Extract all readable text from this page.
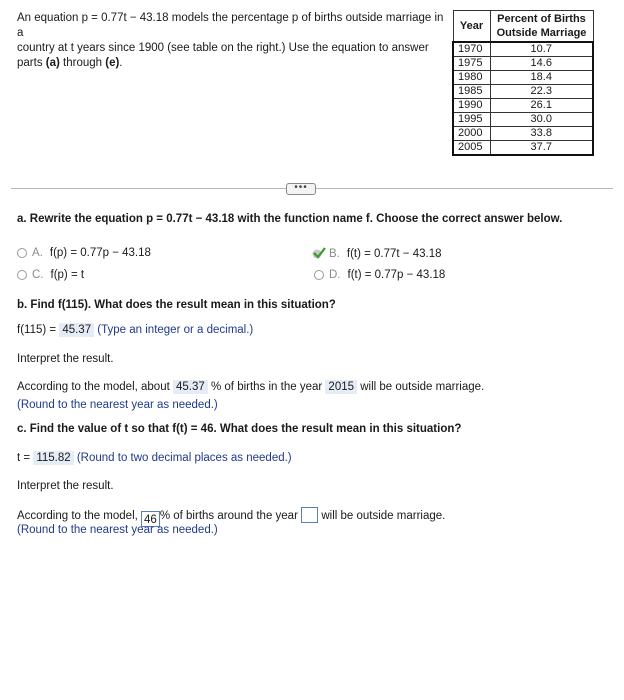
An equation p = 0.77t − 43.18 models the percentage p of births outside marriage in a
country at t years since 1900 (see table on the right.) Use the equation to answer
parts (a) through (e).
Year	Percent of Births
Outside Marriage

1970	10.7
1975	14.6
1980	18.4
1985	22.3
1990	26.1
1995	30.0
2000	33.8
2005	37.7
•••
a. Rewrite the equation p = 0.77t − 43.18 with the function name f. Choose the correct answer below.
A. f(p) = 0.77p − 43.18	B. f(t) = 0.77t − 43.18
C. f(p) = t	D. f(t) = 0.77p − 43.18
b. Find f(115). What does the result mean in this situation?
f(115) = 45.37 (Type an integer or a decimal.)
Interpret the result.
According to the model, about 45.37 % of births in the year 2015 will be outside marriage.
(Round to the nearest year as needed.)
c. Find the value of t so that f(t) = 46. What does the result mean in this situation?
t = 115.82 (Round to two decimal places as needed.)
Interpret the result.
According to the model, 46 % of births around the year will be outside marriage.
(Round to the nearest year as needed.)
